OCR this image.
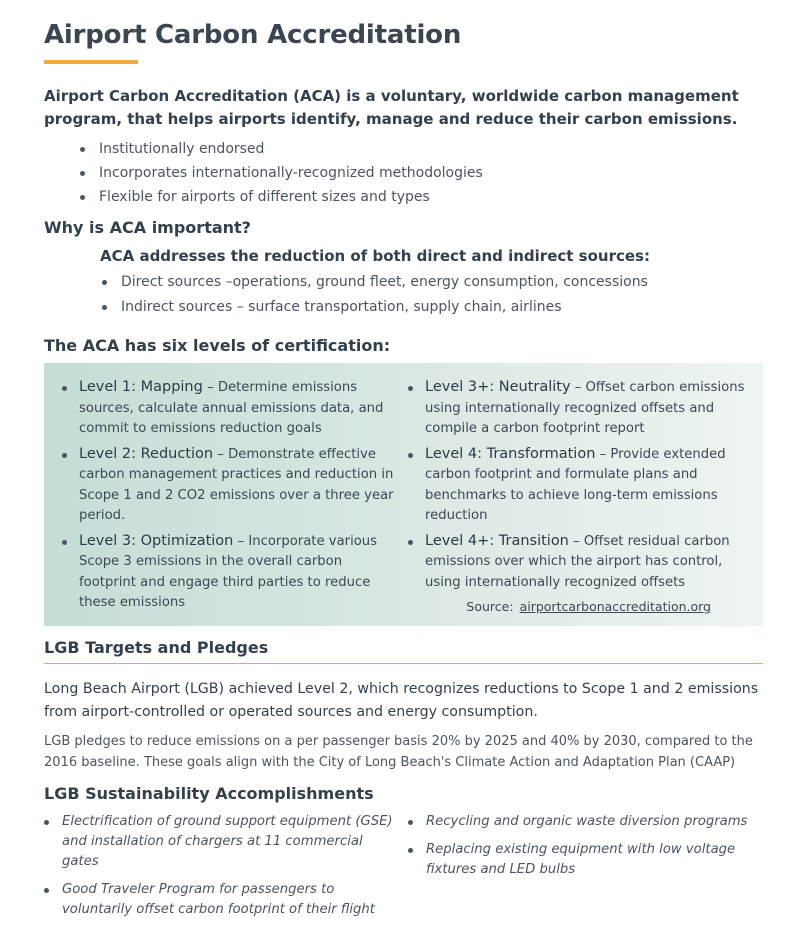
Airport Carbon Accreditation
Airport Carbon Accreditation (ACA) is a voluntary, worldwide carbon management program, that helps airports identify, manage and reduce their carbon emissions.
Institutionally endorsed
Incorporates internationally-recognized methodologies
Flexible for airports of different sizes and types
Why is ACA important?
ACA addresses the reduction of both direct and indirect sources:
Direct sources –operations, ground fleet, energy consumption, concessions
Indirect sources – surface transportation, supply chain, airlines
The ACA has six levels of certification:
Level 1: Mapping – Determine emissions sources, calculate annual emissions data, and commit to emissions reduction goals
Level 2: Reduction – Demonstrate effective carbon management practices and reduction in Scope 1 and 2 CO2 emissions over a three year period.
Level 3: Optimization – Incorporate various Scope 3 emissions in the overall carbon footprint and engage third parties to reduce these emissions
Level 3+: Neutrality – Offset carbon emissions using internationally recognized offsets and compile a carbon footprint report
Level 4: Transformation – Provide extended carbon footprint and formulate plans and benchmarks to achieve long-term emissions reduction
Level 4+: Transition – Offset residual carbon emissions over which the airport has control, using internationally recognized offsets
Source: airportcarbonaccreditation.org
LGB Targets and Pledges
Long Beach Airport (LGB) achieved Level 2, which recognizes reductions to Scope 1 and 2 emissions from airport-controlled or operated sources and energy consumption.
LGB pledges to reduce emissions on a per passenger basis 20% by 2025 and 40% by 2030, compared to the 2016 baseline. These goals align with the City of Long Beach's Climate Action and Adaptation Plan (CAAP)
LGB Sustainability Accomplishments
Electrification of ground support equipment (GSE) and installation of chargers at 11 commercial gates
Good Traveler Program for passengers to voluntarily offset carbon footprint of their flight
Recycling and organic waste diversion programs
Replacing existing equipment with low voltage fixtures and LED bulbs
